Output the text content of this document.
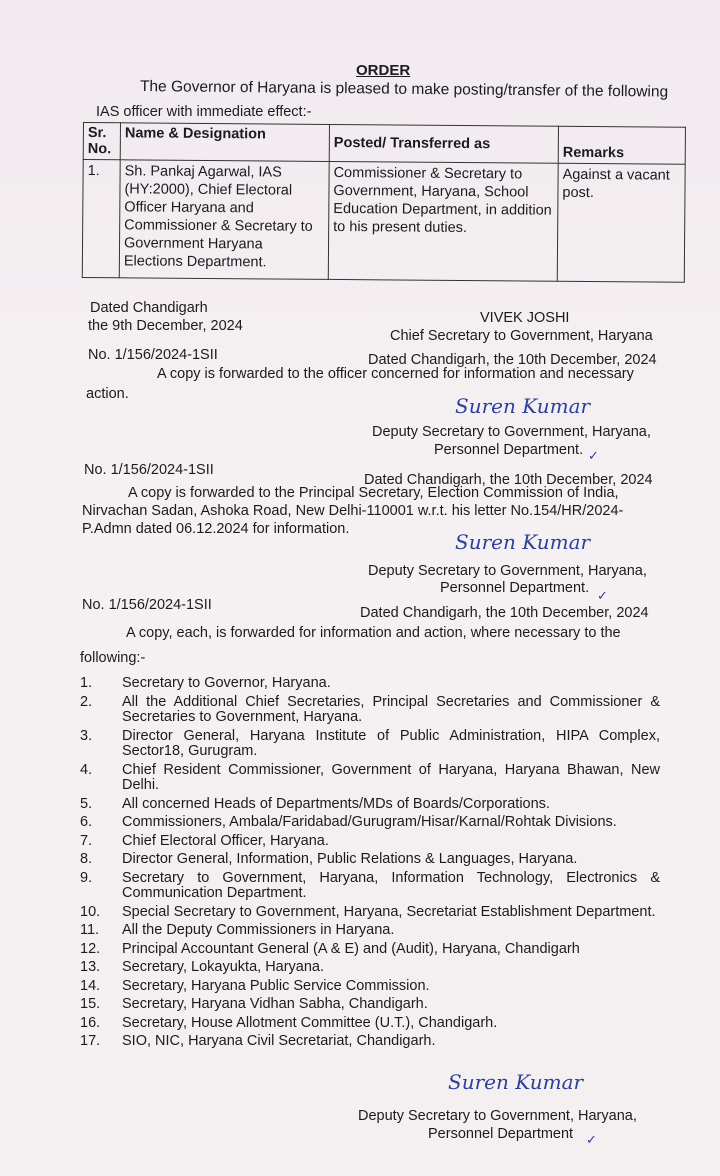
ORDER
The Governor of Haryana is pleased to make posting/transfer of the following
IAS officer with immediate effect:-
Sr. No.	Name & Designation	Posted/ Transferred as	Remarks
1.	Sh. Pankaj Agarwal, IAS (HY:2000), Chief Electoral Officer Haryana and Commissioner & Secretary to Government Haryana Elections Department.	Commissioner & Secretary to Government, Haryana, School Education Department, in addition to his present duties.	Against a vacant post.
Dated Chandigarh
the 9th December, 2024	VIVEK JOSHI
Chief Secretary to Government, Haryana
No. 1/156/2024-1SII	Dated Chandigarh, the 10th December, 2024
A copy is forwarded to the officer concerned for information and necessary
action.	Suren Kumar
Deputy Secretary to Government, Haryana,
Personnel Department. ✓
No. 1/156/2024-1SII
Dated Chandigarh, the 10th December, 2024
A copy is forwarded to the Principal Secretary, Election Commission of India,
Nirvachan Sadan, Ashoka Road, New Delhi-110001 w.r.t. his letter No.154/HR/2024-
P.Admn dated 06.12.2024 for information.
Suren Kumar
Deputy Secretary to Government, Haryana,
Personnel Department. ✓
No. 1/156/2024-1SII	Dated Chandigarh, the 10th December, 2024
A copy, each, is forwarded for information and action, where necessary to the
following:-
1.	Secretary to Governor, Haryana.
2.	All the Additional Chief Secretaries, Principal Secretaries and Commissioner & Secretaries to Government, Haryana.
3.	Director General, Haryana Institute of Public Administration, HIPA Complex, Sector18, Gurugram.
4.	Chief Resident Commissioner, Government of Haryana, Haryana Bhawan, New Delhi.
5.	All concerned Heads of Departments/MDs of Boards/Corporations.
6.	Commissioners, Ambala/Faridabad/Gurugram/Hisar/Karnal/Rohtak Divisions.
7.	Chief Electoral Officer, Haryana.
8.	Director General, Information, Public Relations & Languages, Haryana.
9.	Secretary to Government, Haryana, Information Technology, Electronics & Communication Department.
10.	Special Secretary to Government, Haryana, Secretariat Establishment Department.
11.	All the Deputy Commissioners in Haryana.
12.	Principal Accountant General (A & E) and (Audit), Haryana, Chandigarh
13.	Secretary, Lokayukta, Haryana.
14.	Secretary, Haryana Public Service Commission.
15.	Secretary, Haryana Vidhan Sabha, Chandigarh.
16.	Secretary, House Allotment Committee (U.T.), Chandigarh.
17.	SIO, NIC, Haryana Civil Secretariat, Chandigarh.
Suren Kumar
Deputy Secretary to Government, Haryana,
Personnel Department ✓
